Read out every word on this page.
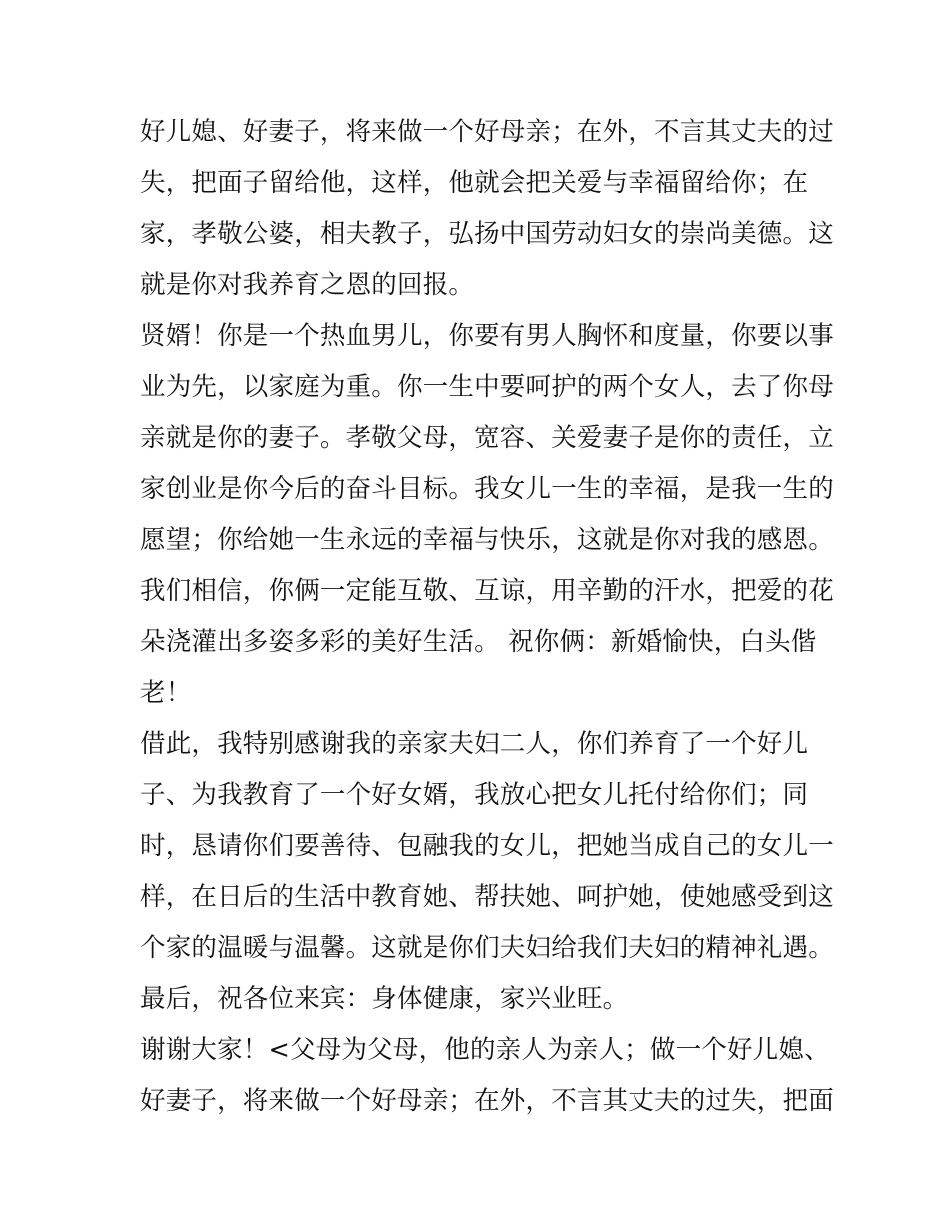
好儿媳、好妻子，将来做一个好母亲；在外，不言其丈夫的过
失，把面子留给他，这样，他就会把关爱与幸福留给你；在
家，孝敬公婆，相夫教子，弘扬中国劳动妇女的崇尚美德。这
就是你对我养育之恩的回报。
贤婿！你是一个热血男儿，你要有男人胸怀和度量，你要以事
业为先，以家庭为重。你一生中要呵护的两个女人，去了你母
亲就是你的妻子。孝敬父母，宽容、关爱妻子是你的责任，立
家创业是你今后的奋斗目标。我女儿一生的幸福，是我一生的
愿望；你给她一生永远的幸福与快乐，这就是你对我的感恩。
我们相信，你俩一定能互敬、互谅，用辛勤的汗水，把爱的花
朵浇灌出多姿多彩的美好生活。 祝你俩：新婚愉快，白头偕
老！
借此，我特别感谢我的亲家夫妇二人，你们养育了一个好儿
子、为我教育了一个好女婿，我放心把女儿托付给你们；同
时，恳请你们要善待、包融我的女儿，把她当成自己的女儿一
样，在日后的生活中教育她、帮扶她、呵护她，使她感受到这
个家的温暖与温馨。这就是你们夫妇给我们夫妇的精神礼遇。
最后，祝各位来宾：身体健康，家兴业旺。
谢谢大家！<父母为父母，他的亲人为亲人；做一个好儿媳、
好妻子，将来做一个好母亲；在外，不言其丈夫的过失，把面
